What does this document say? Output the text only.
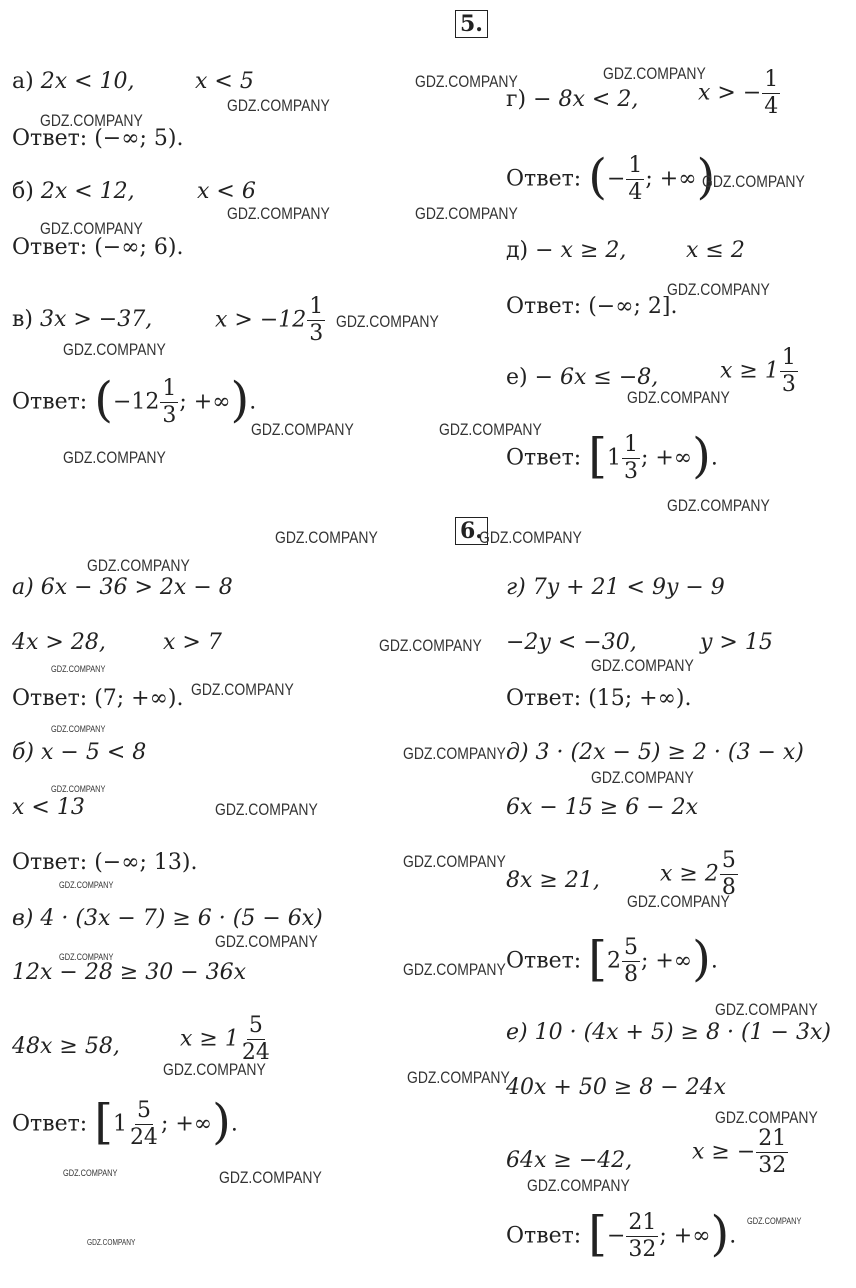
5.
а) 2x < 10,	x < 5
Ответ: (−∞; 5).
б) 2x < 12,	x < 6
Ответ: (−∞; 6).
в) 3x > −37,	$x > -12 \frac{1}{3}$
Ответ: ($-12 \frac{1}{3}$ ; +∞).
г) − 8x < 2,	x > − $\frac{1}{4}$
Ответ: (− $\frac{1}{4}$ ; +∞)
д) − x ≥ 2,	x ≤ 2
Ответ: (−∞; 2].
е) − 6x ≤ −8,	$x \ge 1 \frac{1}{3}$
Ответ: [$1 \frac{1}{3}$ ; +∞).
6.
а) 6x − 36 > 2x − 8
4x > 28,	x > 7
Ответ: (7; +∞).
б) x − 5 < 8
x < 13
Ответ: (−∞; 13).
в) 4 · (3x − 7) ≥ 6 · (5 − 6x)
12x − 28 ≥ 30 − 36x
48x ≥ 58,	$x \ge 1 \frac{5}{24}$
Ответ: [$1 \frac{5}{24}$ ; +∞).
г) 7y + 21 < 9y − 9
−2y < −30,	y > 15
Ответ: (15; +∞).
д) 3 · (2x − 5) ≥ 2 · (3 − x)
6x − 15 ≥ 6 − 2x
8x ≥ 21,	$x \ge 2 \frac{5}{8}$
Ответ: [$2 \frac{5}{8}$ ; +∞).
е) 10 · (4x + 5) ≥ 8 · (1 − 3x)
40x + 50 ≥ 8 − 24x
64x ≥ −42,	x ≥ − $\frac{21}{32}$
Ответ: [− $\frac{21}{32}$ ; +∞).
GDZ.COMPANY	GDZ.COMPANY
GDZ.COMPANY
GDZ.COMPANY
GDZ.COMPANY
GDZ.COMPANY	GDZ.COMPANY
GDZ.COMPANY
GDZ.COMPANY
GDZ.COMPANY
GDZ.COMPANY
GDZ.COMPANY
GDZ.COMPANY	GDZ.COMPANY
GDZ.COMPANY
GDZ.COMPANY
GDZ.COMPANY	GDZ.COMPANY
GDZ.COMPANY
GDZ.COMPANY
GDZ.COMPANY
GDZ.COMPANY
GDZ.COMPANY
GDZ.COMPANY
GDZ.COMPANY
GDZ.COMPANY
GDZ.COMPANY
GDZ.COMPANY
GDZ.COMPANY
GDZ.COMPANY
GDZ.COMPANY
GDZ.COMPANY
GDZ.COMPANY
GDZ.COMPANY
GDZ.COMPANY
GDZ.COMPANY	GDZ.COMPANY
GDZ.COMPANY
GDZ.COMPANY	GDZ.COMPANY	GDZ.COMPANY
GDZ.COMPANY
GDZ.COMPANY
